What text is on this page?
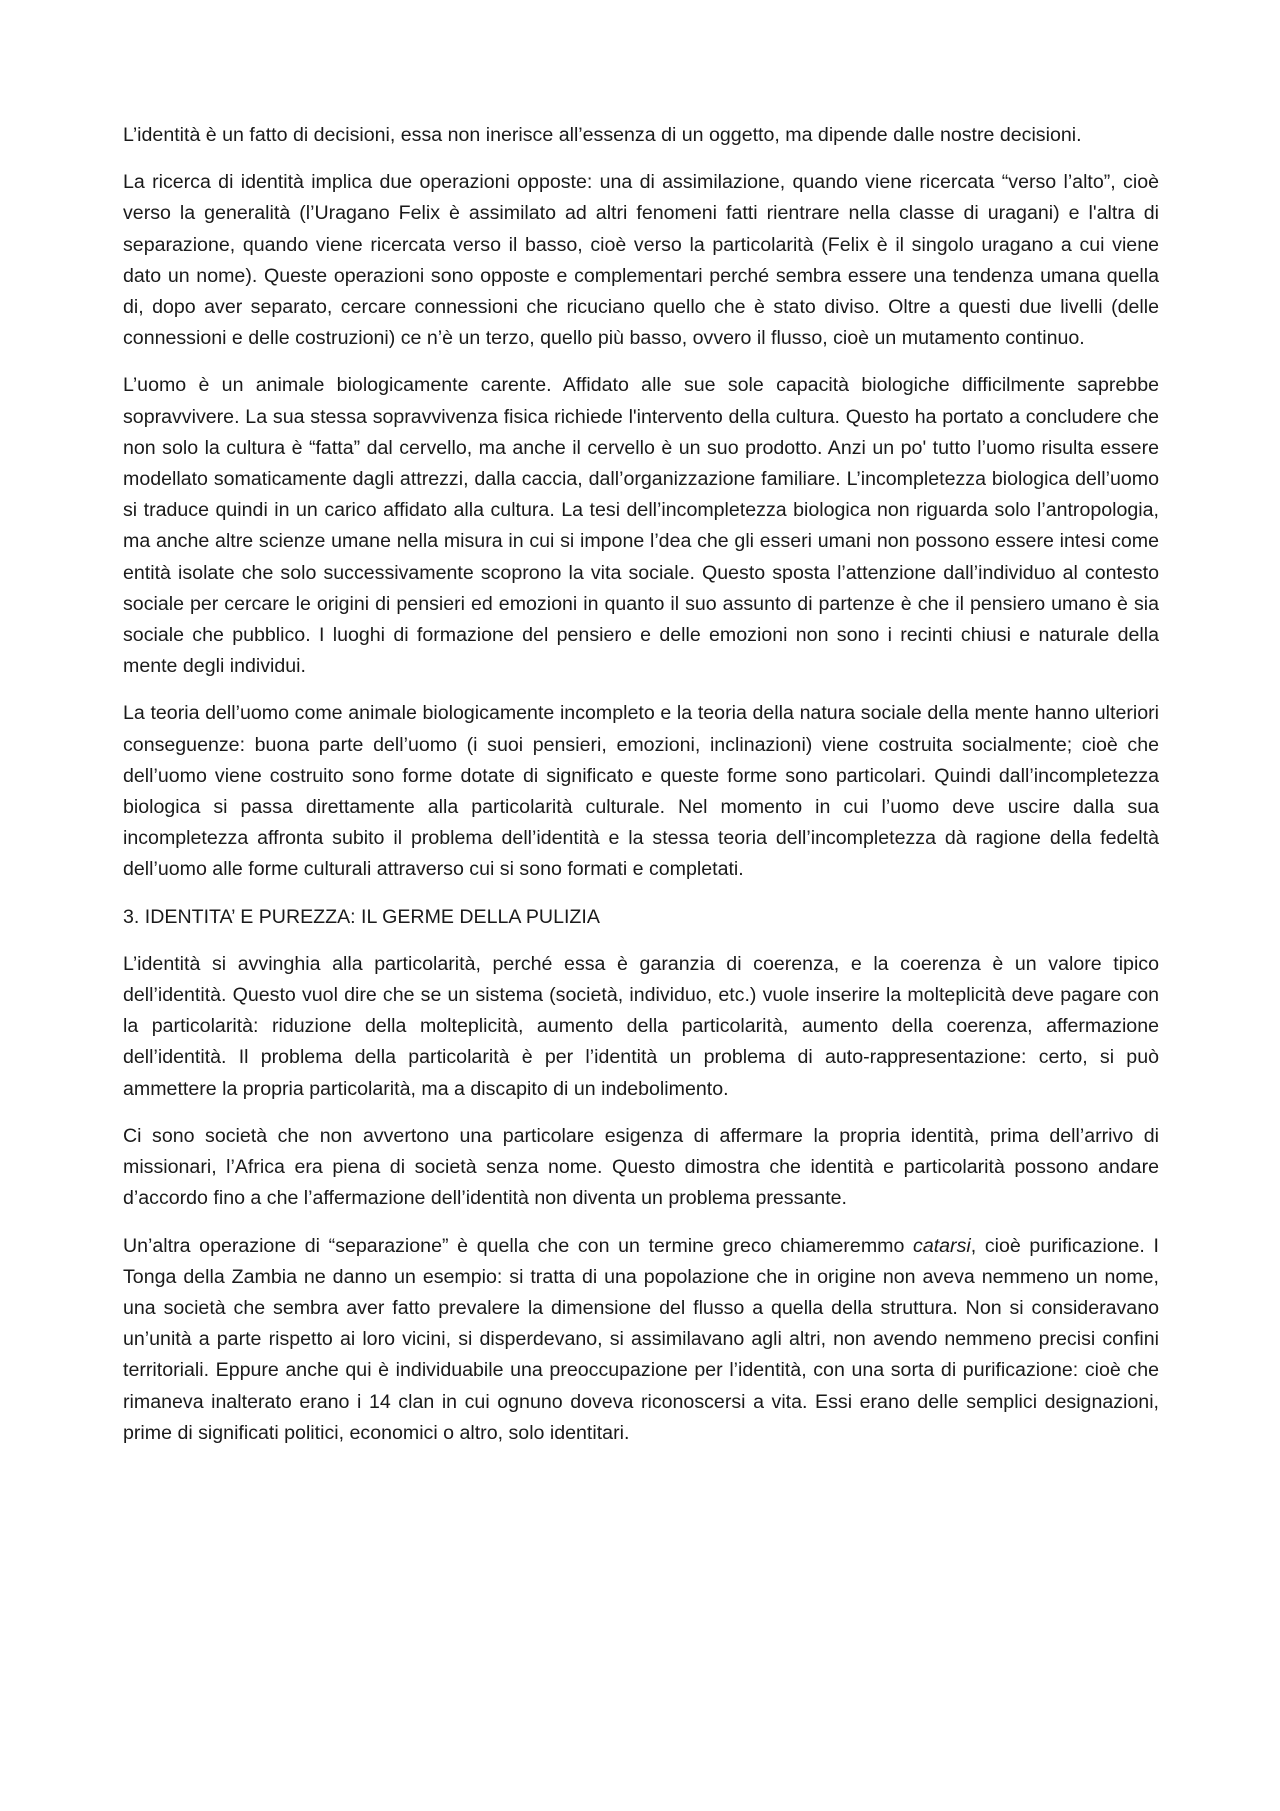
L’identità è un fatto di decisioni, essa non inerisce all’essenza di un oggetto, ma dipende dalle nostre decisioni.

La ricerca di identità implica due operazioni opposte: una di assimilazione, quando viene ricercata “verso l’alto”, cioè verso la generalità (l’Uragano Felix è assimilato ad altri fenomeni fatti rientrare nella classe di uragani) e l'altra di separazione, quando viene ricercata verso il basso, cioè verso la particolarità (Felix è il singolo uragano a cui viene dato un nome). Queste operazioni sono opposte e complementari perché sembra essere una tendenza umana quella di, dopo aver separato, cercare connessioni che ricuciano quello che è stato diviso. Oltre a questi due livelli (delle connessioni e delle costruzioni) ce n’è un terzo, quello più basso, ovvero il flusso, cioè un mutamento continuo.

L’uomo è un animale biologicamente carente. Affidato alle sue sole capacità biologiche difficilmente saprebbe sopravvivere. La sua stessa sopravvivenza fisica richiede l'intervento della cultura. Questo ha portato a concludere che non solo la cultura è “fatta” dal cervello, ma anche il cervello è un suo prodotto. Anzi un po' tutto l’uomo risulta essere modellato somaticamente dagli attrezzi, dalla caccia, dall’organizzazione familiare. L’incompletezza biologica dell’uomo si traduce quindi in un carico affidato alla cultura. La tesi dell’incompletezza biologica non riguarda solo l’antropologia, ma anche altre scienze umane nella misura in cui si impone l’dea che gli esseri umani non possono essere intesi come entità isolate che solo successivamente scoprono la vita sociale. Questo sposta l’attenzione dall’individuo al contesto sociale per cercare le origini di pensieri ed emozioni in quanto il suo assunto di partenze è che il pensiero umano è sia sociale che pubblico. I luoghi di formazione del pensiero e delle emozioni non sono i recinti chiusi e naturale della mente degli individui.

La teoria dell’uomo come animale biologicamente incompleto e la teoria della natura sociale della mente hanno ulteriori conseguenze: buona parte dell’uomo (i suoi pensieri, emozioni, inclinazioni) viene costruita socialmente; cioè che dell’uomo viene costruito sono forme dotate di significato e queste forme sono particolari. Quindi dall’incompletezza biologica si passa direttamente alla particolarità culturale. Nel momento in cui l’uomo deve uscire dalla sua incompletezza affronta subito il problema dell’identità e la stessa teoria dell’incompletezza dà ragione della fedeltà dell’uomo alle forme culturali attraverso cui si sono formati e completati.

3. IDENTITA’ E PUREZZA: IL GERME DELLA PULIZIA

L’identità si avvinghia alla particolarità, perché essa è garanzia di coerenza, e la coerenza è un valore tipico dell’identità. Questo vuol dire che se un sistema (società, individuo, etc.) vuole inserire la molteplicità deve pagare con la particolarità: riduzione della molteplicità, aumento della particolarità, aumento della coerenza, affermazione dell’identità. Il problema della particolarità è per l’identità un problema di auto-rappresentazione: certo, si può ammettere la propria particolarità, ma a discapito di un indebolimento.

Ci sono società che non avvertono una particolare esigenza di affermare la propria identità, prima dell’arrivo di missionari, l’Africa era piena di società senza nome. Questo dimostra che identità e particolarità possono andare d’accordo fino a che l’affermazione dell’identità non diventa un problema pressante.

Un’altra operazione di “separazione” è quella che con un termine greco chiameremmo catarsi, cioè purificazione. I Tonga della Zambia ne danno un esempio: si tratta di una popolazione che in origine non aveva nemmeno un nome, una società che sembra aver fatto prevalere la dimensione del flusso a quella della struttura. Non si consideravano un’unità a parte rispetto ai loro vicini, si disperdevano, si assimilavano agli altri, non avendo nemmeno precisi confini territoriali. Eppure anche qui è individuabile una preoccupazione per l’identità, con una sorta di purificazione: cioè che rimaneva inalterato erano i 14 clan in cui ognuno doveva riconoscersi a vita. Essi erano delle semplici designazioni, prime di significati politici, economici o altro, solo identitari.
